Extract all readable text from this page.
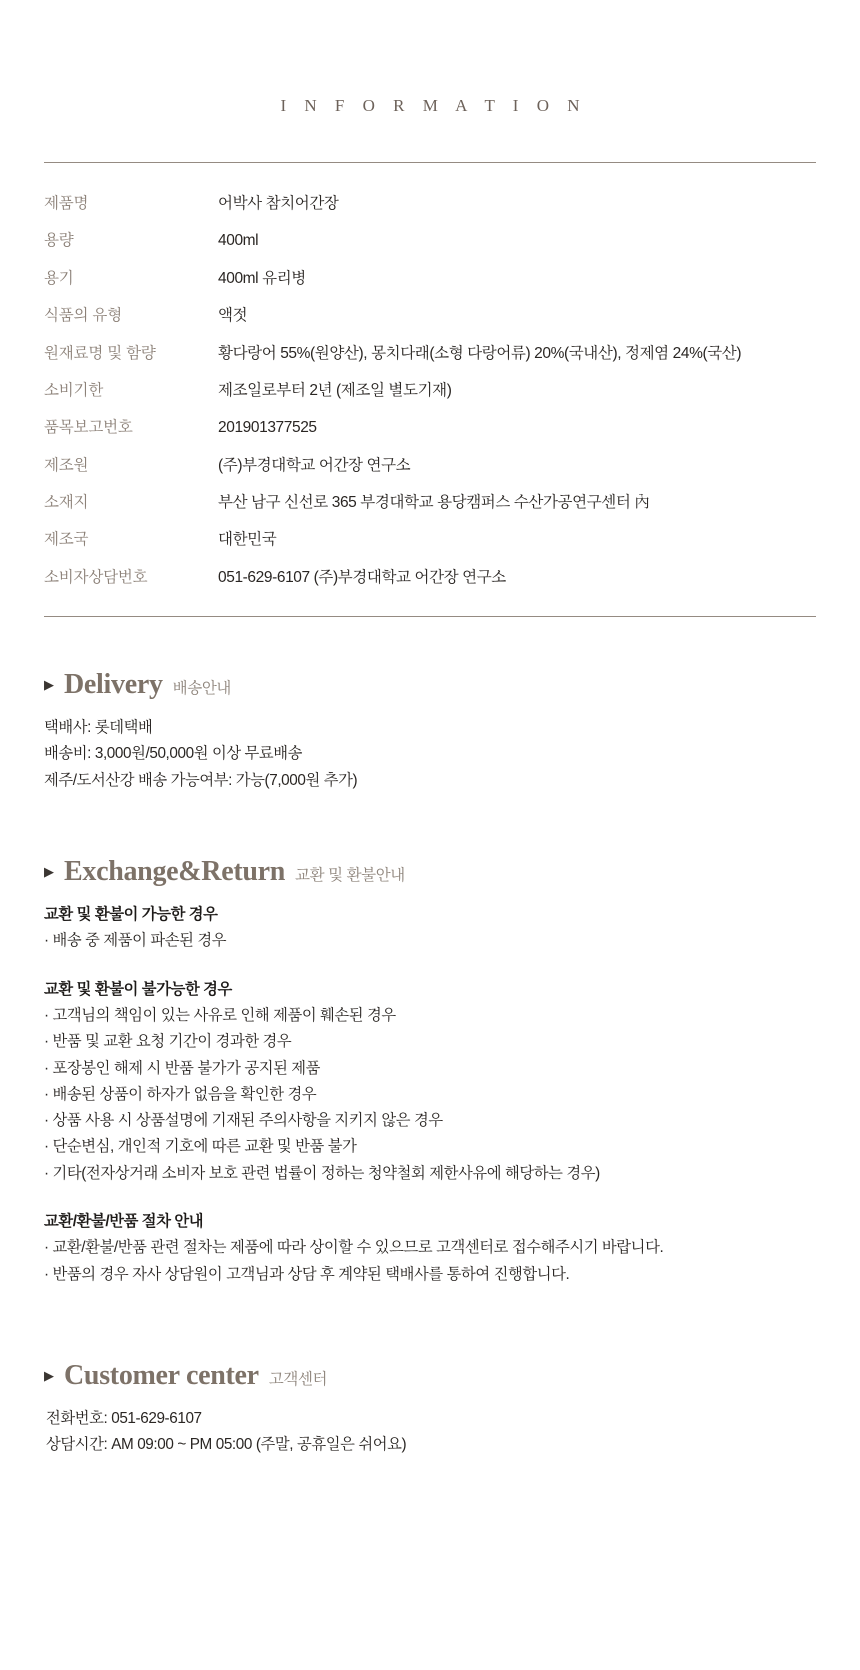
I N F O R M A T I O N
제품명	어박사 참치어간장
용량	400ml
용기	400ml 유리병
식품의 유형	액젓
원재료명 및 함량	황다랑어 55%(원양산), 몽치다래(소형 다랑어류) 20%(국내산), 정제염 24%(국산)
소비기한	제조일로부터 2년 (제조일 별도기재)
품목보고번호	201901377525
제조원	(주)부경대학교 어간장 연구소
소재지	부산 남구 신선로 365 부경대학교 용당캠퍼스 수산가공연구센터 內
제조국	대한민국
소비자상담번호	051-629-6107 (주)부경대학교 어간장 연구소
▶ Delivery 배송안내
택배사: 롯데택배
배송비: 3,000원/50,000원 이상 무료배송
제주/도서산강 배송 가능여부: 가능(7,000원 추가)
▶ Exchange&Return 교환 및 환불안내
교환 및 환불이 가능한 경우
· 배송 중 제품이 파손된 경우
교환 및 환불이 불가능한 경우
· 고객님의 책임이 있는 사유로 인해 제품이 훼손된 경우
· 반품 및 교환 요청 기간이 경과한 경우
· 포장봉인 해제 시 반품 불가가 공지된 제품
· 배송된 상품이 하자가 없음을 확인한 경우
· 상품 사용 시 상품설명에 기재된 주의사항을 지키지 않은 경우
· 단순변심, 개인적 기호에 따른 교환 및 반품 불가
· 기타(전자상거래 소비자 보호 관련 법률이 정하는 청약철회 제한사유에 해당하는 경우)
교환/환불/반품 절차 안내
· 교환/환불/반품 관련 절차는 제품에 따라 상이할 수 있으므로 고객센터로 접수해주시기 바랍니다.
· 반품의 경우 자사 상담원이 고객님과 상담 후 계약된 택배사를 통하여 진행합니다.
▶ Customer center 고객센터
전화번호: 051-629-6107
상담시간: AM 09:00 ~ PM 05:00 (주말, 공휴일은 쉬어요)
